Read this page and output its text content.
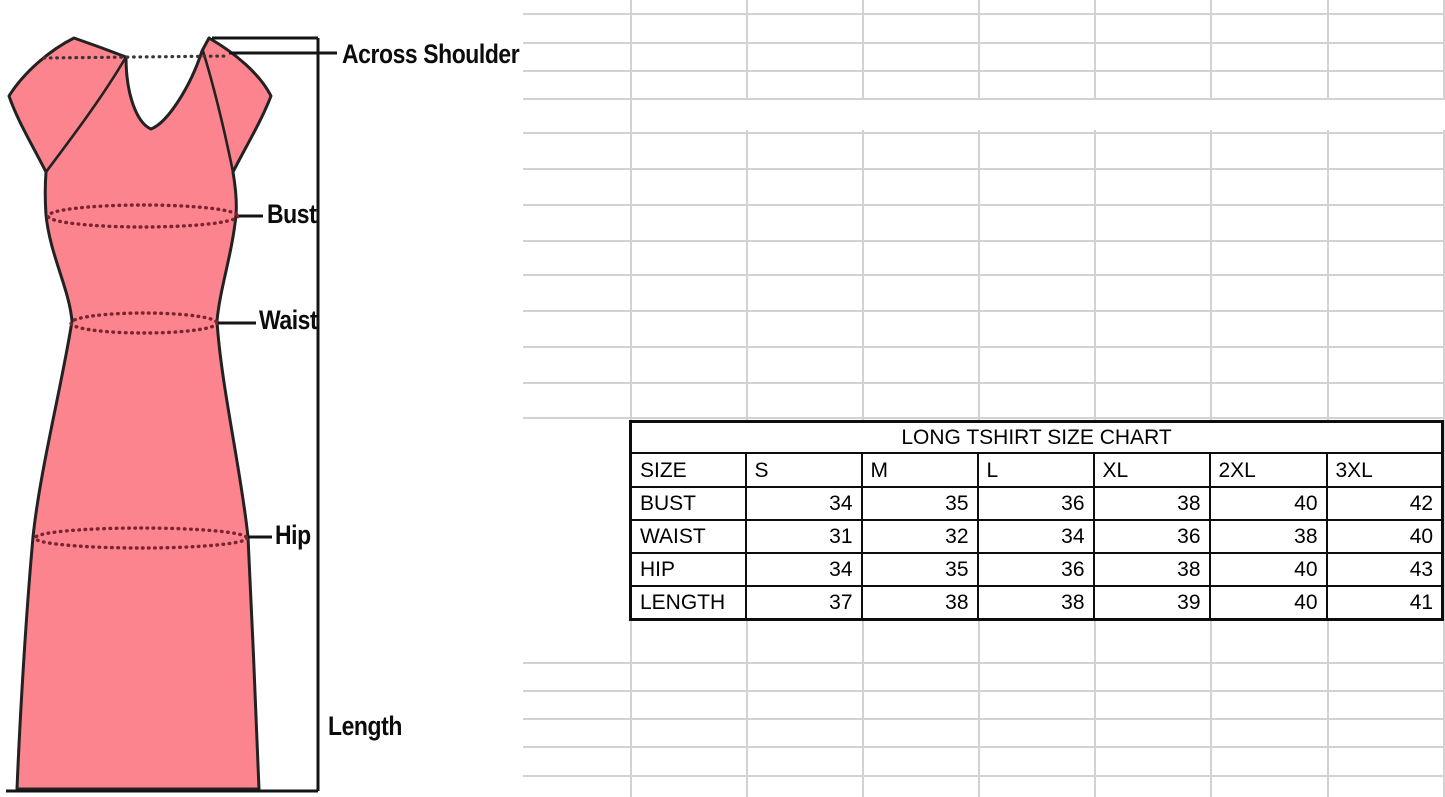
LONG TSHIRT SIZE CHART						
SIZE	S	M	L	XL	2XL	3XL
BUST	34	35	36	38	40	42
WAIST	31	32	34	36	38	40
HIP	34	35	36	38	40	43
LENGTH	37	38	38	39	40	41
Across Shoulder
Bust
Waist
Hip
Length
